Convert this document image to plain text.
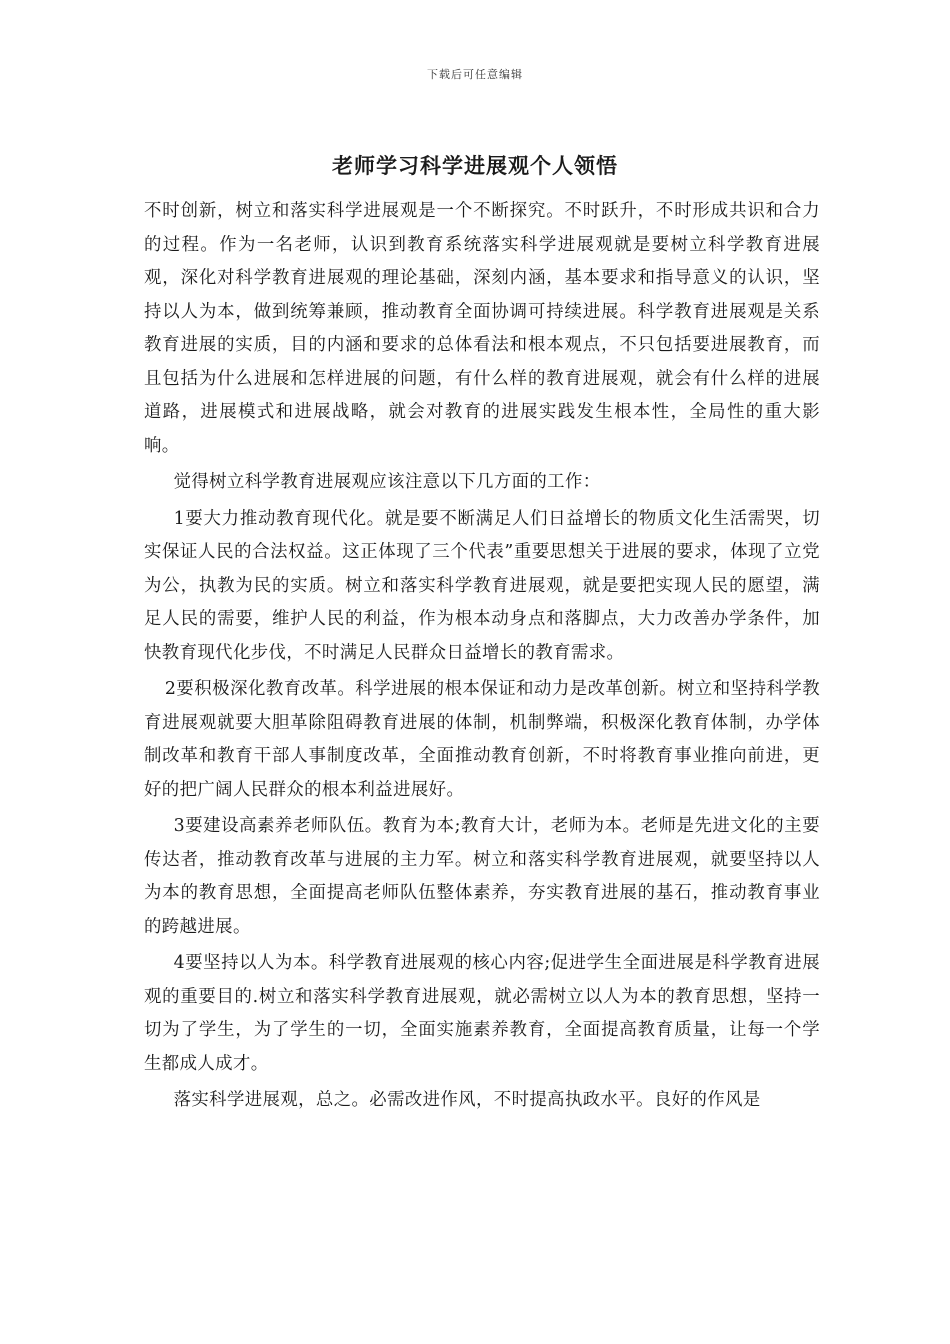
下载后可任意编辑
老师学习科学进展观个人领悟

不时创新，树立和落实科学进展观是一个不断探究。不时跃升，不时形成共识和合力的过程。作为一名老师，认识到教育系统落实科学进展观就是要树立科学教育进展观，深化对科学教育进展观的理论基础，深刻内涵，基本要求和指导意义的认识，坚持以人为本，做到统筹兼顾，推动教育全面协调可持续进展。科学教育进展观是关系教育进展的实质，目的内涵和要求的总体看法和根本观点，不只包括要进展教育，而且包括为什么进展和怎样进展的问题，有什么样的教育进展观，就会有什么样的进展道路，进展模式和进展战略，就会对教育的进展实践发生根本性，全局性的重大影响。

觉得树立科学教育进展观应该注意以下几方面的工作：

1要大力推动教育现代化。就是要不断满足人们日益增长的物质文化生活需哭，切实保证人民的合法权益。这正体现了三个代表”重要思想关于进展的要求，体现了立党为公，执教为民的实质。树立和落实科学教育进展观，就是要把实现人民的愿望，满足人民的需要，维护人民的利益，作为根本动身点和落脚点，大力改善办学条件，加快教育现代化步伐，不时满足人民群众日益增长的教育需求。

2要积极深化教育改革。科学进展的根本保证和动力是改革创新。树立和坚持科学教育进展观就要大胆革除阻碍教育进展的体制，机制弊端，积极深化教育体制，办学体制改革和教育干部人事制度改革，全面推动教育创新，不时将教育事业推向前进，更好的把广阔人民群众的根本利益进展好。

3要建设高素养老师队伍。教育为本;教育大计，老师为本。老师是先进文化的主要传达者，推动教育改革与进展的主力军。树立和落实科学教育进展观，就要坚持以人为本的教育思想，全面提高老师队伍整体素养，夯实教育进展的基石，推动教育事业的跨越进展。

4要坚持以人为本。科学教育进展观的核心内容;促进学生全面进展是科学教育进展观的重要目的.树立和落实科学教育进展观，就必需树立以人为本的教育思想，坚持一切为了学生，为了学生的一切，全面实施素养教育，全面提高教育质量，让每一个学生都成人成才。

落实科学进展观，总之。必需改进作风，不时提高执政水平。良好的作风是
